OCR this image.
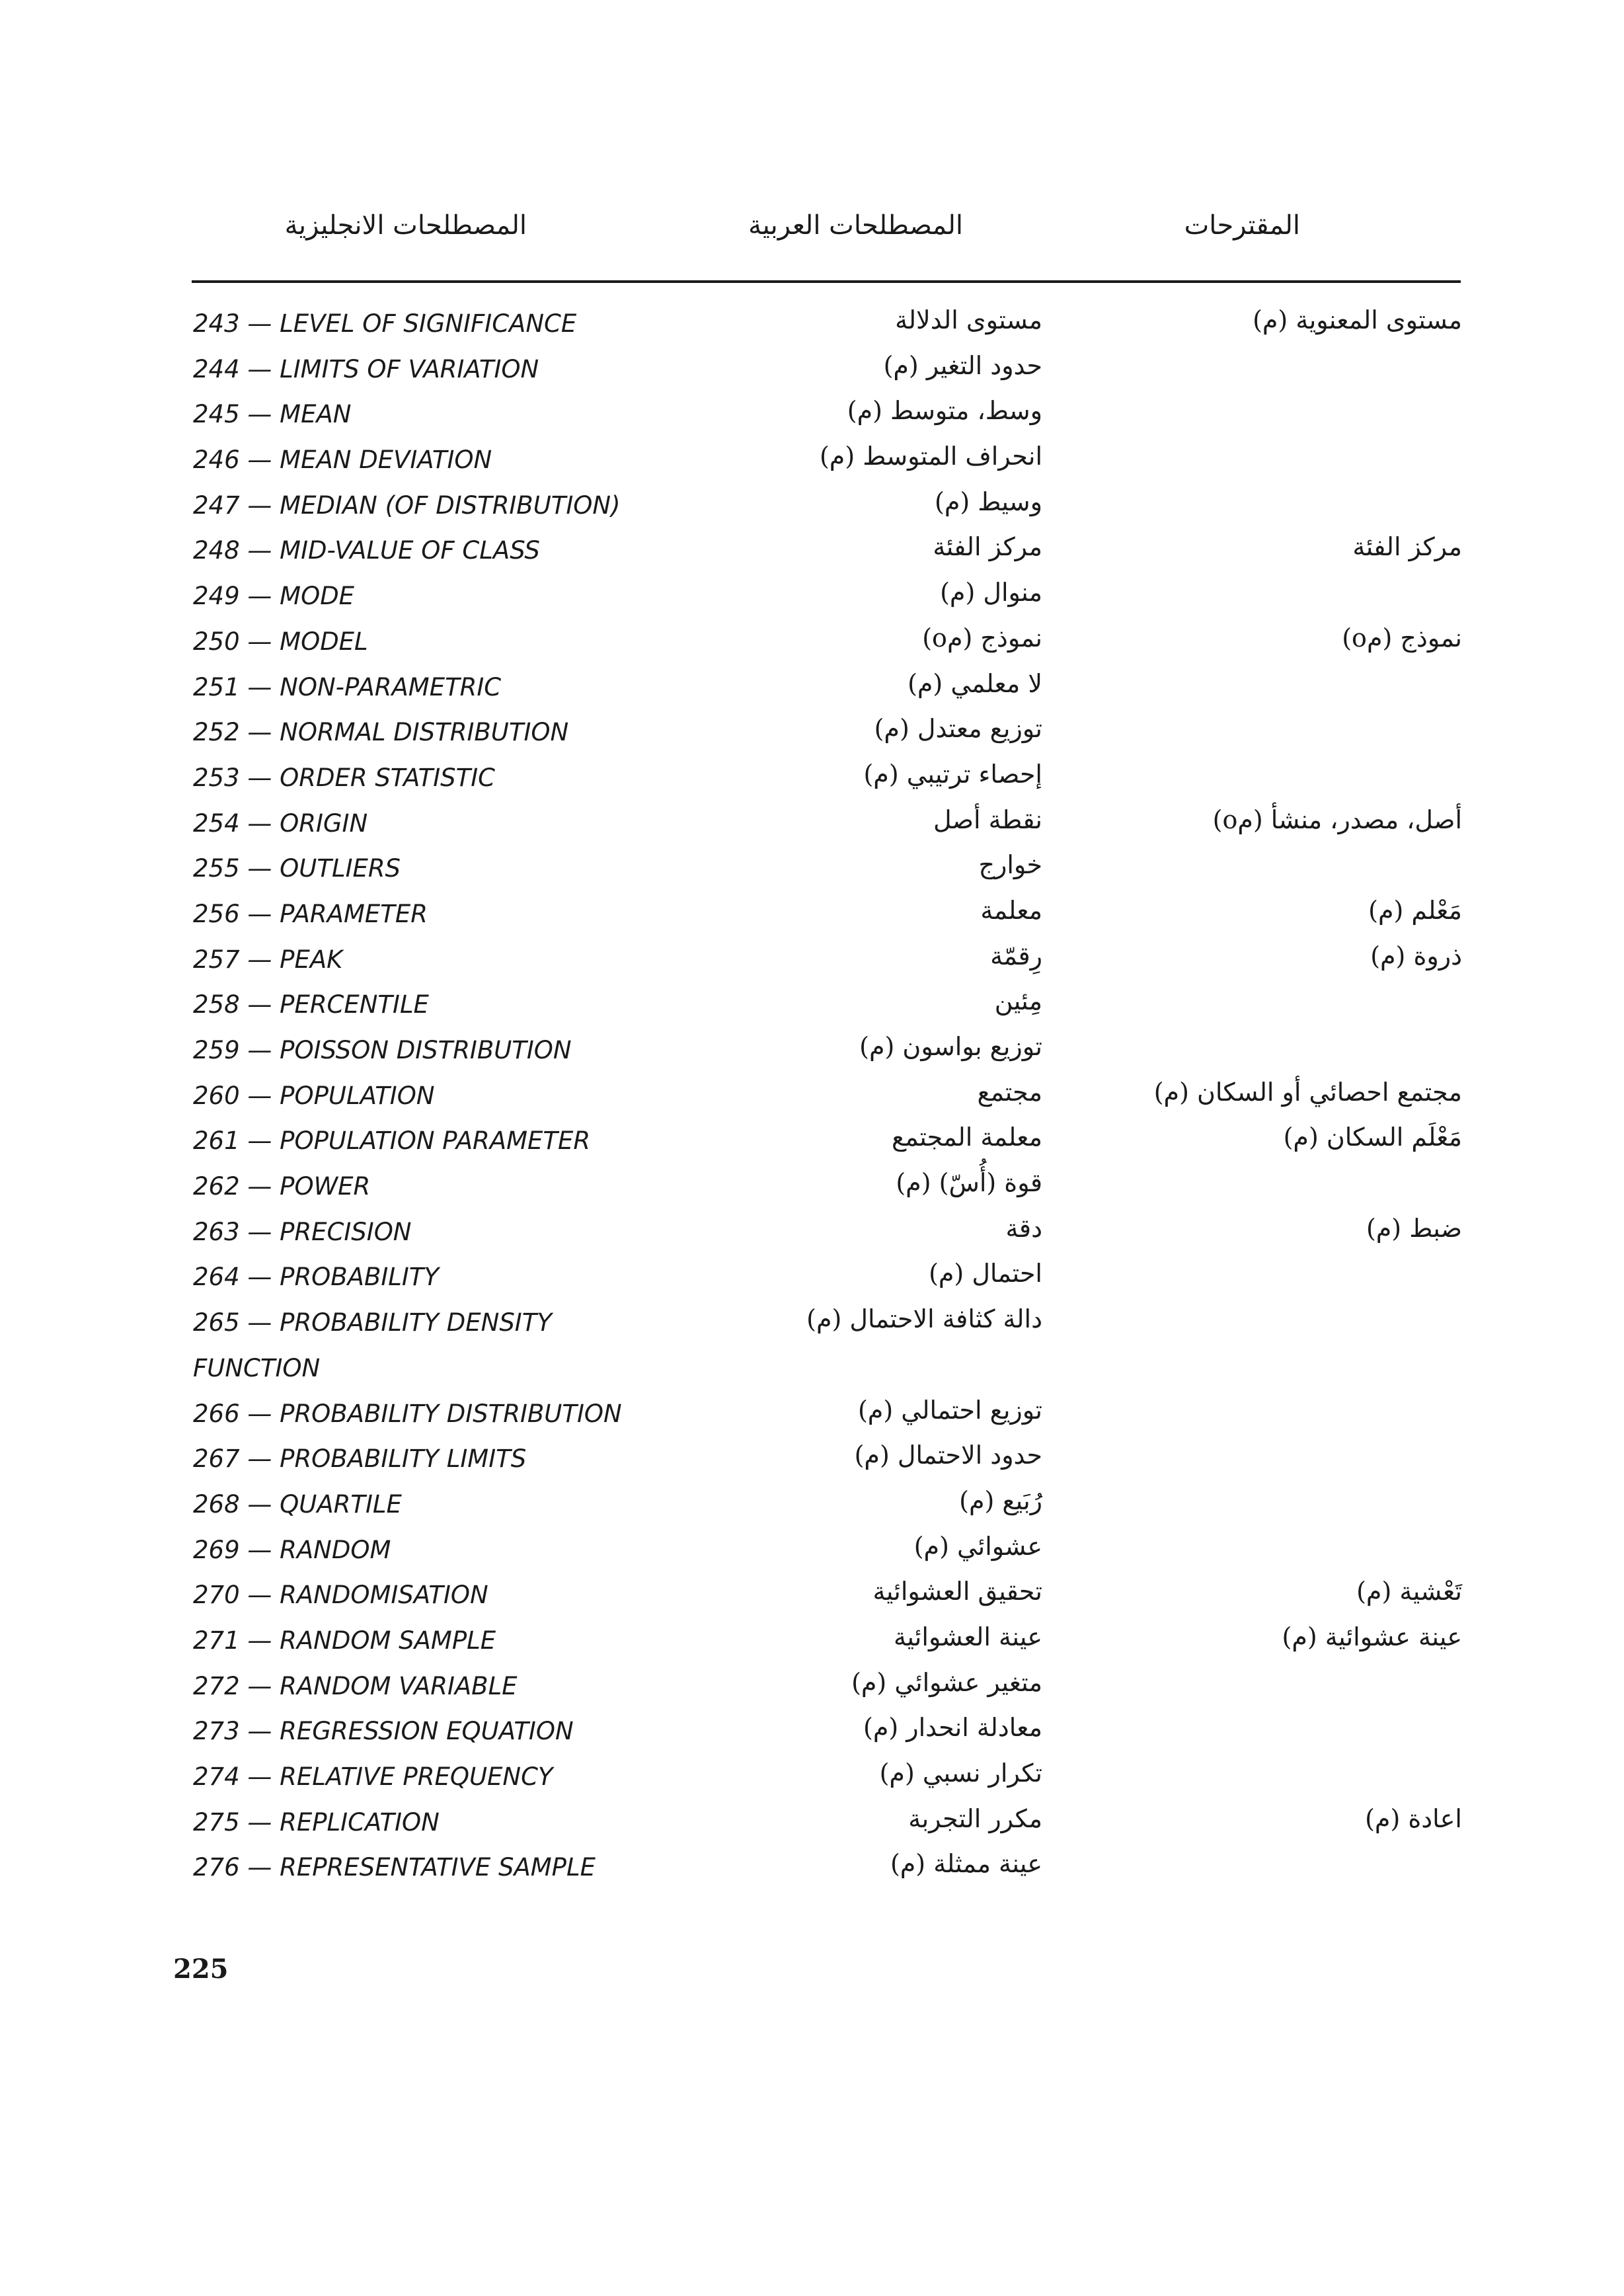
المصطلحات الانجليزية	المصطلحات العربية	المقترحات
243 — LEVEL OF SIGNIFICANCE	مستوى الدلالة	مستوى المعنوية (م)
244 — LIMITS OF VARIATION	حدود التغير (م)
245 — MEAN	وسط، متوسط (م)
246 — MEAN DEVIATION	انحراف المتوسط (م)
247 — MEDIAN (OF DISTRIBUTION)	وسيط (م)
248 — MID-VALUE OF CLASS	مركز الفئة	مركز الفئة
249 — MODE	منوال (م)
250 — MODEL	نموذج (مo)	نموذج (مo)
251 — NON-PARAMETRIC	لا معلمي (م)
252 — NORMAL DISTRIBUTION	توزيع معتدل (م)
253 — ORDER STATISTIC	إحصاء ترتيبي (م)
254 — ORIGIN	نقطة أصل	أصل، مصدر، منشأ (مo)
255 — OUTLIERS	خوارج
256 — PARAMETER	معلمة	مَعْلم (م)
257 — PEAK	رِقمّة	ذروة (م)
258 — PERCENTILE	مِئين
259 — POISSON DISTRIBUTION	توزيع بواسون (م)
260 — POPULATION	مجتمع	مجتمع احصائي أو السكان (م)
261 — POPULATION PARAMETER	معلمة المجتمع	مَعْلَم السكان (م)
262 — POWER	قوة (أُسّ) (م)
263 — PRECISION	دقة	ضبط (م)
264 — PROBABILITY	احتمال (م)
265 — PROBABILITY DENSITY	دالة كثافة الاحتمال (م)
FUNCTION
266 — PROBABILITY DISTRIBUTION	توزيع احتمالي (م)
267 — PROBABILITY LIMITS	حدود الاحتمال (م)
268 — QUARTILE	رُبَيع (م)
269 — RANDOM	عشوائي (م)
270 — RANDOMISATION	تحقيق العشوائية	تَعْشية (م)
271 — RANDOM SAMPLE	عينة العشوائية	عينة عشوائية (م)
272 — RANDOM VARIABLE	متغير عشوائي (م)
273 — REGRESSION EQUATION	معادلة انحدار (م)
274 — RELATIVE PREQUENCY	تكرار نسبي (م)
275 — REPLICATION	مكرر التجربة	اعادة (م)
276 — REPRESENTATIVE SAMPLE	عينة ممثلة (م)
225
